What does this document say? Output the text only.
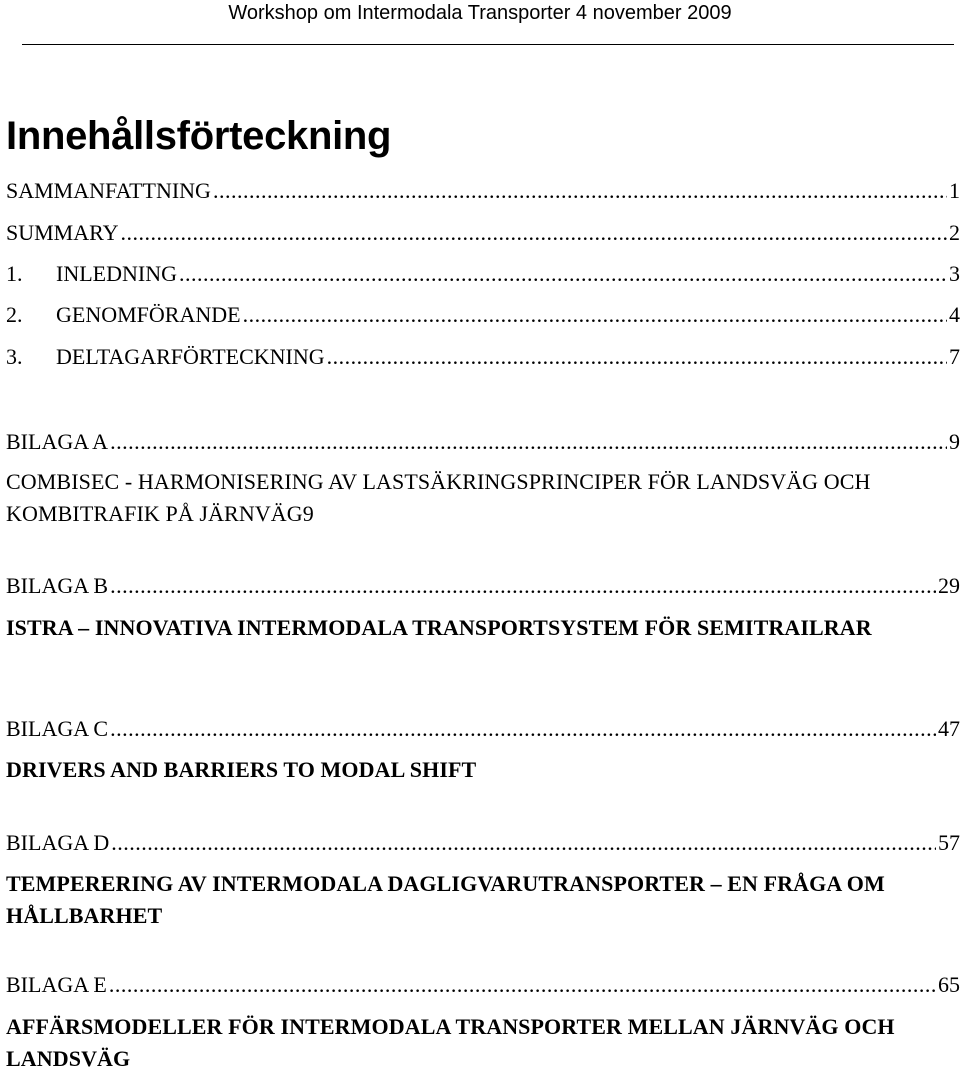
Workshop om Intermodala Transporter 4 november 2009
Innehållsförteckning
SAMMANFATTNING .....	1
SUMMARY .....	2
1. INLEDNING .....	3
2. GENOMFÖRANDE .....	4
3. DELTAGARFÖRTECKNING .....	7
BILAGA A .....	9
COMBISEC - HARMONISERING AV LASTSÄKRINGSPRINCIPER FÖR LANDSVÄG OCH KOMBITRAFIK PÅ JÄRNVÄG9
BILAGA B .....	29
ISTRA – INNOVATIVA INTERMODALA TRANSPORTSYSTEM FÖR SEMITRAILRAR
BILAGA C .....	47
DRIVERS AND BARRIERS TO MODAL SHIFT
BILAGA D .....	57
TEMPERERING AV INTERMODALA DAGLIGVARUTRANSPORTER – EN FRÅGA OM HÅLLBARHET
BILAGA E .....	65
AFFÄRSMODELLER FÖR INTERMODALA TRANSPORTER MELLAN JÄRNVÄG OCH LANDSVÄG
